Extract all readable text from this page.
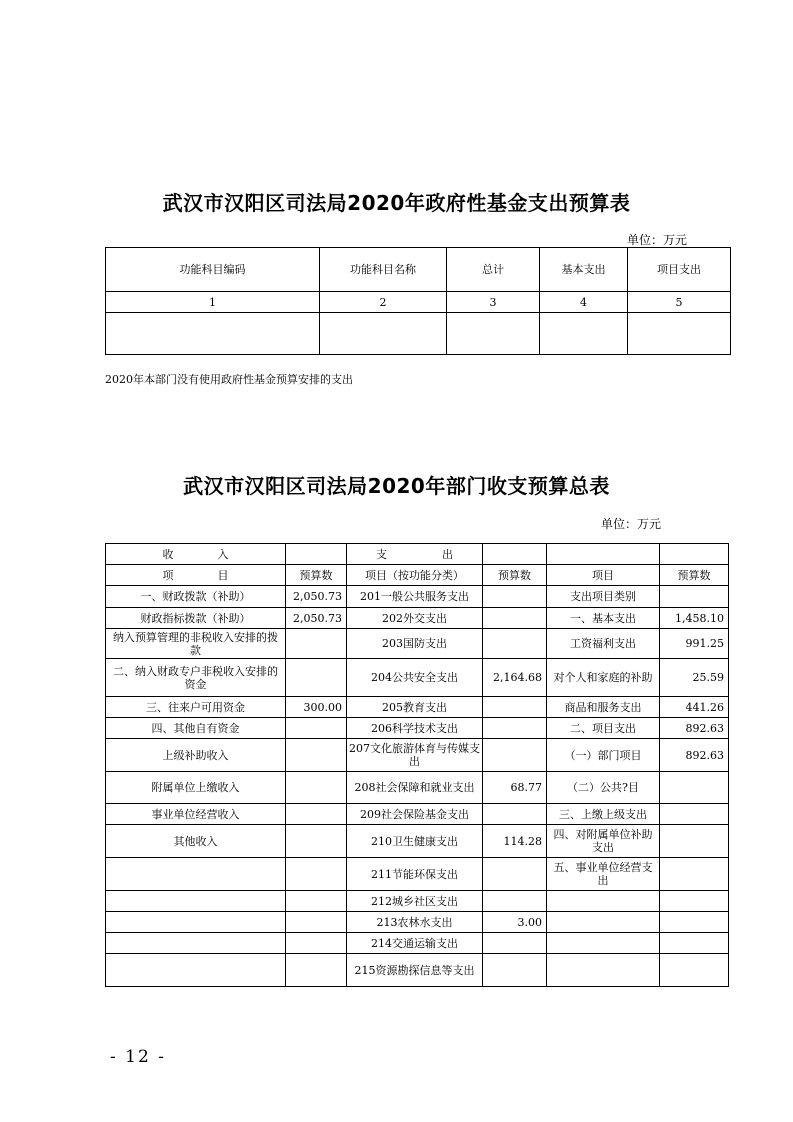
武汉市汉阳区司法局2020年政府性基金支出预算表
单位：万元
功能科目编码	功能科目名称	总计	基本支出	项目支出
1	2	3	4	5

2020年本部门没有使用政府性基金预算安排的支出
武汉市汉阳区司法局2020年部门收支预算总表
单位：万元
收　　　　入		支　　　　　出			
项　　　　目	预算数	项目（按功能分类）	预算数	项目	预算数
一、财政拨款（补助）	2,050.73	201一般公共服务支出		支出项目类别	
财政指标拨款（补助）	2,050.73	202外交支出		一、基本支出	1,458.10
纳入预算管理的非税收入安排的拨款		203国防支出		工资福利支出	991.25
二、纳入财政专户非税收入安排的资金		204公共安全支出	2,164.68	对个人和家庭的补助	25.59
三、往来户可用资金	300.00	205教育支出		商品和服务支出	441.26
四、其他自有资金		206科学技术支出		二、项目支出	892.63
上级补助收入		207文化旅游体育与传媒支出		（一）部门项目	892.63
附属单位上缴收入		208社会保障和就业支出	68.77	（二）公共?目	
事业单位经营收入		209社会保险基金支出		三、上缴上级支出	
其他收入		210卫生健康支出	114.28	四、对附属单位补助支出	
		211节能环保支出		五、事业单位经营支出	
		212城乡社区支出			
		213农林水支出	3.00		
		214交通运输支出			
		215资源勘探信息等支出			
- 12 -
